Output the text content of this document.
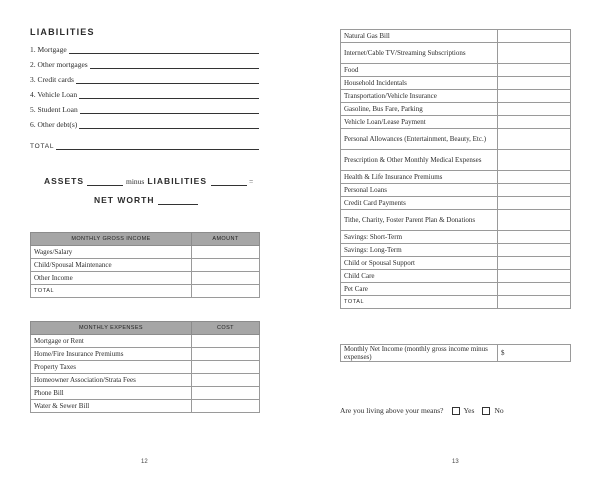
LIABILITIES
1. Mortgage
2. Other mortgages
3. Credit cards
4. Vehicle Loan
5. Student Loan
6. Other debt(s)
TOTAL
ASSETS	minus LIABILITIES	=
NET WORTH
MONTHLY GROSS INCOME	AMOUNT
Wages/Salary	
Child/Spousal Maintenance	
Other Income	
TOTAL	
MONTHLY EXPENSES	COST
Mortgage or Rent	
Home/Fire Insurance Premiums	
Property Taxes	
Homeowner Association/Strata Fees	
Phone Bill	
Water & Sewer Bill	
12
Natural Gas Bill	
Internet/Cable TV/Streaming Subscriptions	
Food	
Household Incidentals	
Transportation/Vehicle Insurance	
Gasoline, Bus Fare, Parking	
Vehicle Loan/Lease Payment	
Personal Allowances (Entertainment, Beauty, Etc.)	
Prescription & Other Monthly Medical Expenses	
Health & Life Insurance Premiums	
Personal Loans	
Credit Card Payments	
Tithe, Charity, Foster Parent Plan & Donations	
Savings: Short-Term	
Savings: Long-Term	
Child or Spousal Support	
Child Care	
Pet Care	
TOTAL	
Monthly Net Income (monthly gross income minus expenses)	$
Are you living above your means?	Yes	No
13
